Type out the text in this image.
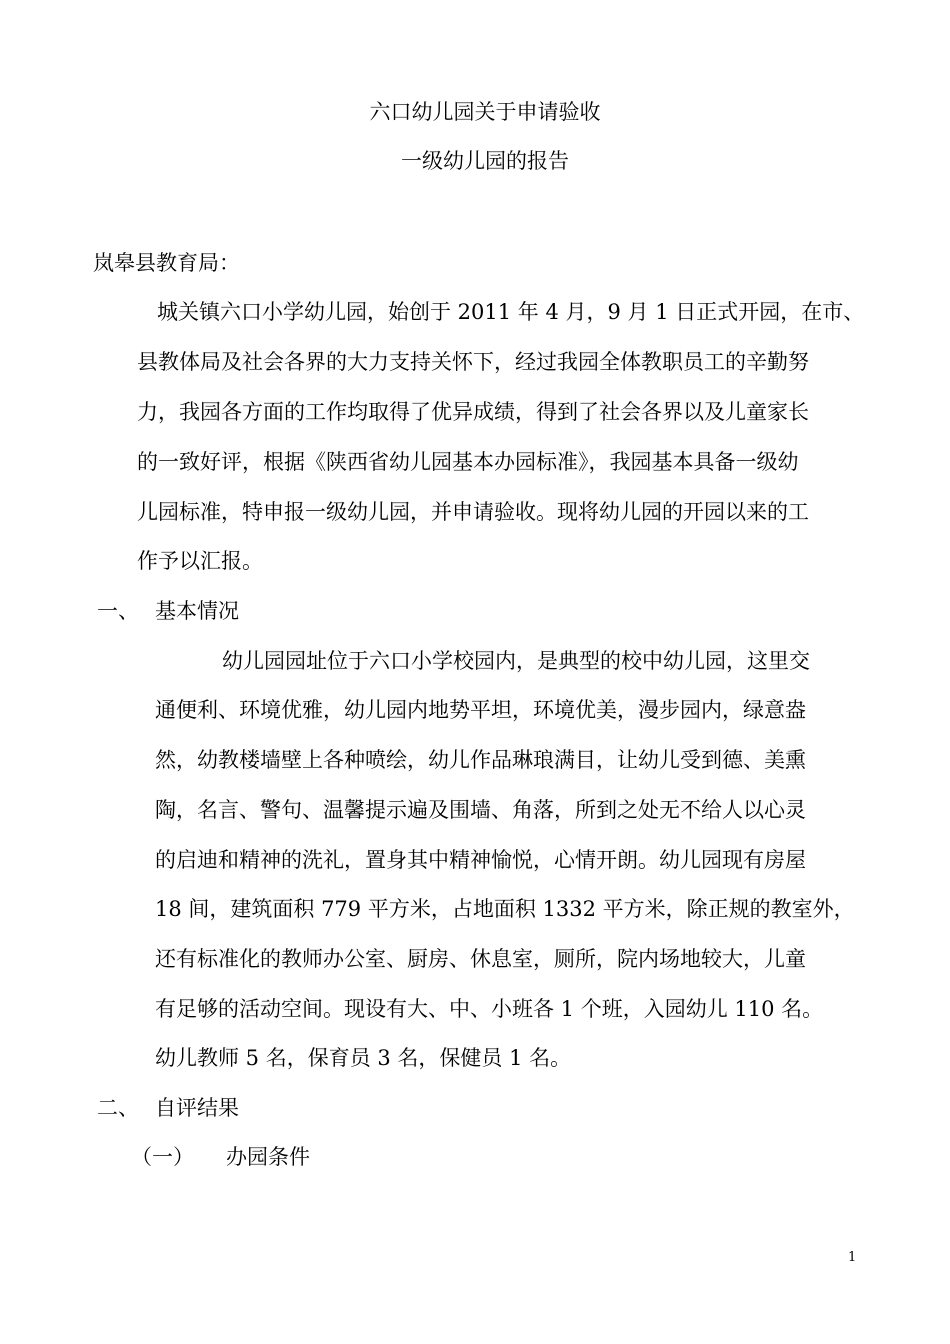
六口幼儿园关于申请验收
一级幼儿园的报告
岚皋县教育局：
城关镇六口小学幼儿园，始创于 2011 年 4 月，9 月 1 日正式开园，在市、
县教体局及社会各界的大力支持关怀下，经过我园全体教职员工的辛勤努
力，我园各方面的工作均取得了优异成绩，得到了社会各界以及儿童家长
的一致好评，根据《陕西省幼儿园基本办园标准》，我园基本具备一级幼
儿园标准，特申报一级幼儿园，并申请验收。现将幼儿园的开园以来的工
作予以汇报。
一、 基本情况
幼儿园园址位于六口小学校园内，是典型的校中幼儿园，这里交
通便利、环境优雅，幼儿园内地势平坦，环境优美，漫步园内，绿意盎
然，幼教楼墙壁上各种喷绘，幼儿作品琳琅满目，让幼儿受到德、美熏
陶，名言、警句、温馨提示遍及围墙、角落，所到之处无不给人以心灵
的启迪和精神的洗礼，置身其中精神愉悦，心情开朗。幼儿园现有房屋
18 间，建筑面积 779 平方米，占地面积 1332 平方米，除正规的教室外，
还有标准化的教师办公室、厨房、休息室，厕所，院内场地较大，儿童
有足够的活动空间。现设有大、中、小班各 1 个班，入园幼儿 110 名。
幼儿教师 5 名，保育员 3 名，保健员 1 名。
二、 自评结果
（一） 办园条件
1
